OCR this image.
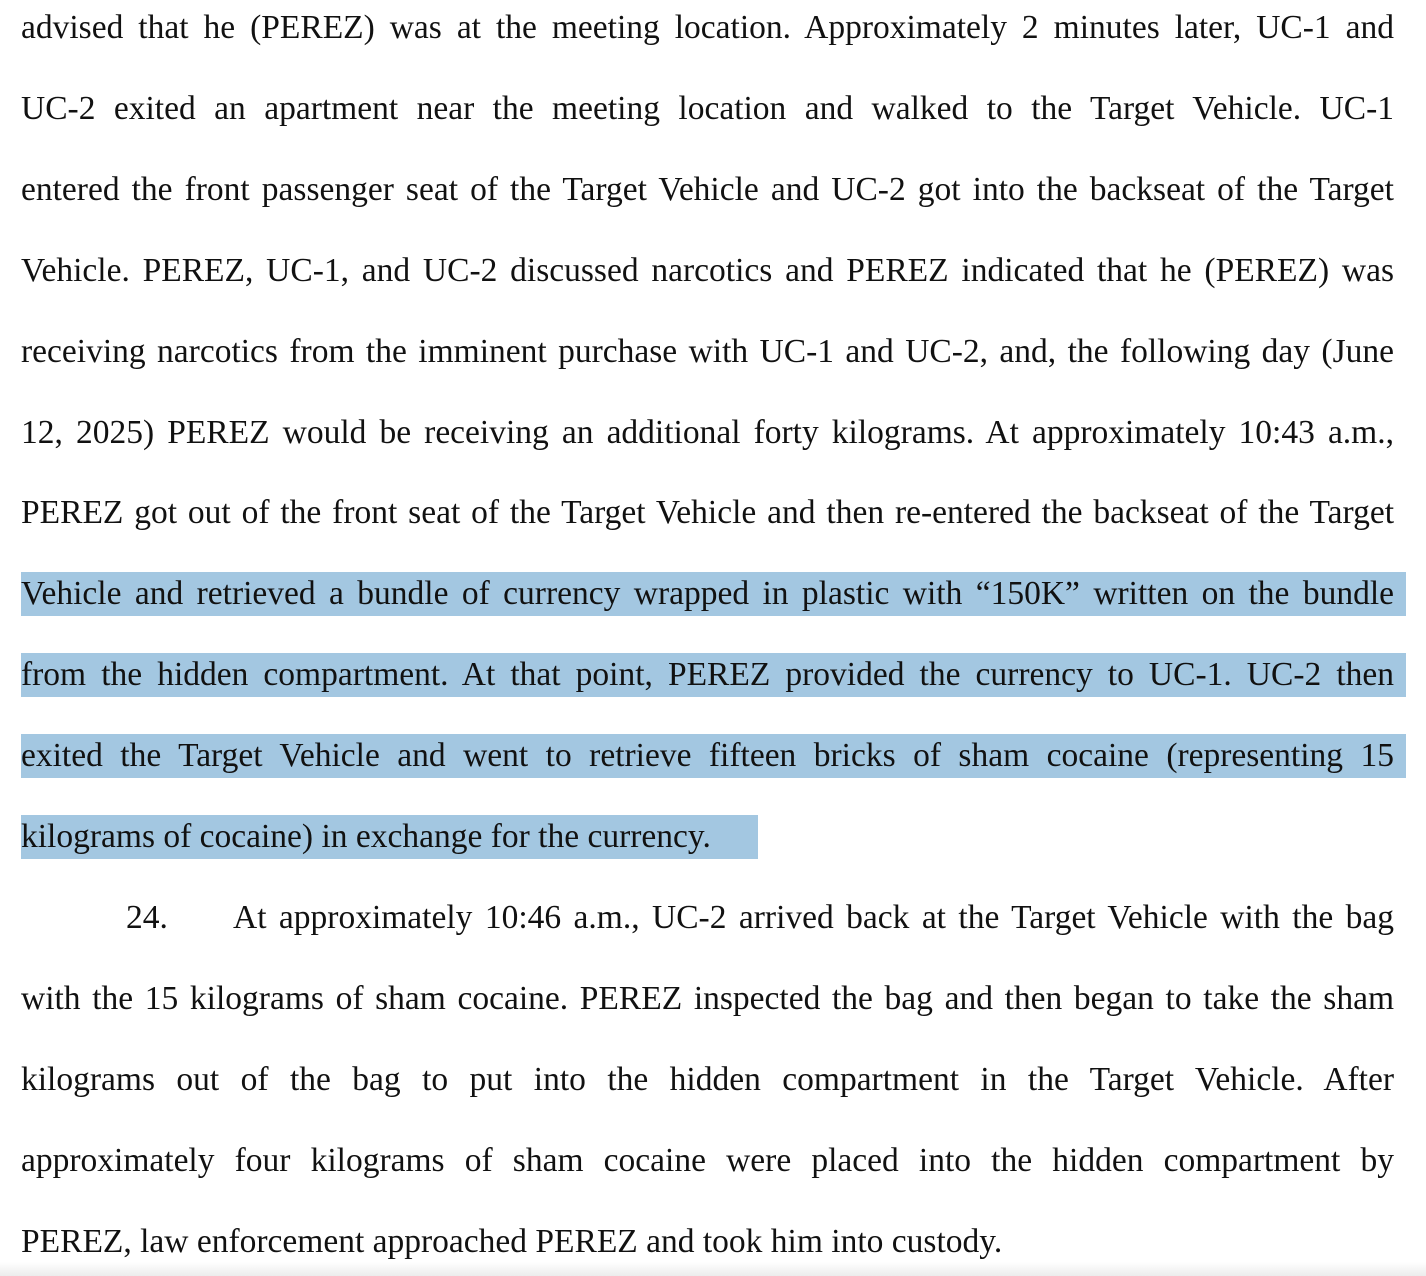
advised that he (PEREZ) was at the meeting location. Approximately 2 minutes later, UC-1 and
UC-2 exited an apartment near the meeting location and walked to the Target Vehicle. UC-1
entered the front passenger seat of the Target Vehicle and UC-2 got into the backseat of the Target
Vehicle. PEREZ, UC-1, and UC-2 discussed narcotics and PEREZ indicated that he (PEREZ) was
receiving narcotics from the imminent purchase with UC-1 and UC-2, and, the following day (June
12, 2025) PEREZ would be receiving an additional forty kilograms. At approximately 10:43 a.m.,
PEREZ got out of the front seat of the Target Vehicle and then re-entered the backseat of the Target
Vehicle and retrieved a bundle of currency wrapped in plastic with “150K” written on the bundle
from the hidden compartment. At that point, PEREZ provided the currency to UC-1. UC-2 then
exited the Target Vehicle and went to retrieve fifteen bricks of sham cocaine (representing 15
kilograms of cocaine) in exchange for the currency.
24. At approximately 10:46 a.m., UC-2 arrived back at the Target Vehicle with the bag
with the 15 kilograms of sham cocaine. PEREZ inspected the bag and then began to take the sham
kilograms out of the bag to put into the hidden compartment in the Target Vehicle. After
approximately four kilograms of sham cocaine were placed into the hidden compartment by
PEREZ, law enforcement approached PEREZ and took him into custody.
